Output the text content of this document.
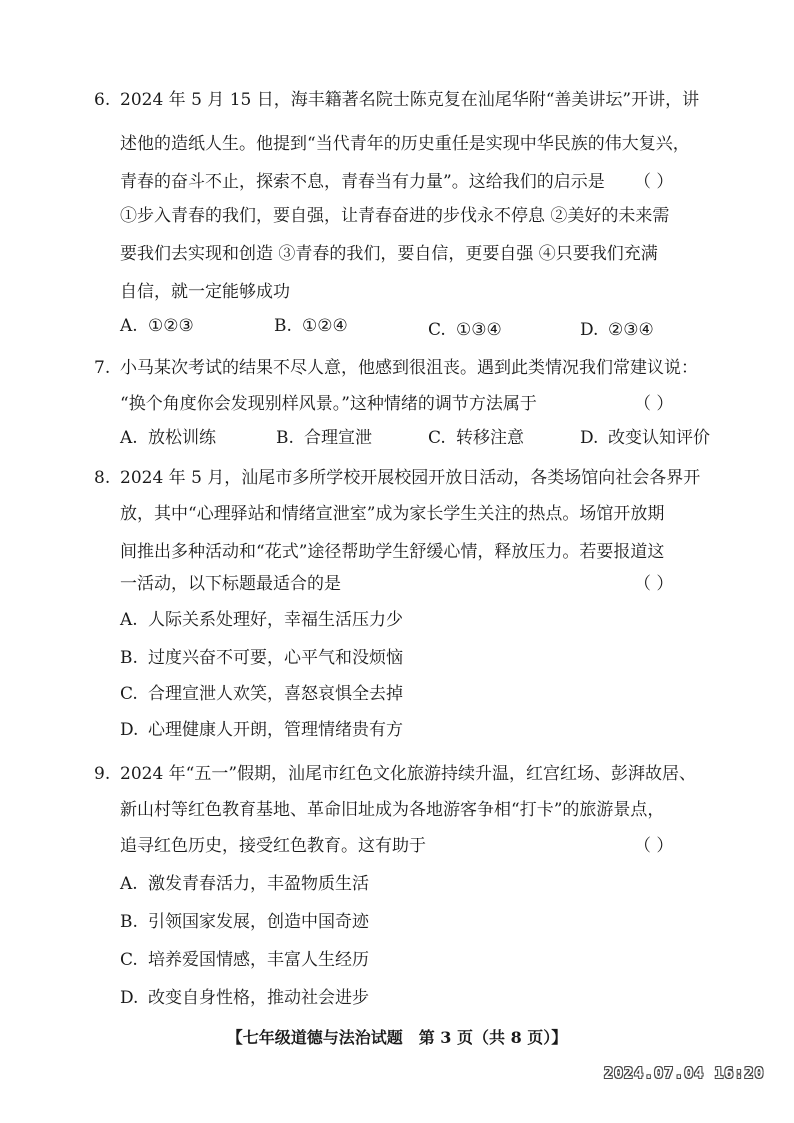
6. 2024 年 5 月 15 日，海丰籍著名院士陈克复在汕尾华附“善美讲坛”开讲，讲
述他的造纸人生。他提到“当代青年的历史重任是实现中华民族的伟大复兴，
青春的奋斗不止，探索不息，青春当有力量”。这给我们的启示是 （ ）
①步入青春的我们，要自强，让青春奋进的步伐永不停息 ②美好的未来需
要我们去实现和创造 ③青春的我们，要自信，更要自强 ④只要我们充满
自信，就一定能够成功
A. ①②③	B. ①②④	C. ①③④	D. ②③④
7. 小马某次考试的结果不尽人意，他感到很沮丧。遇到此类情况我们常建议说：
“换个角度你会发现别样风景。”这种情绪的调节方法属于	（ ）
A. 放松训练	B. 合理宣泄	C. 转移注意	D. 改变认知评价
8. 2024 年 5 月，汕尾市多所学校开展校园开放日活动，各类场馆向社会各界开
放，其中“心理驿站和情绪宣泄室”成为家长学生关注的热点。场馆开放期
间推出多种活动和“花式”途径帮助学生舒缓心情，释放压力。若要报道这
一活动，以下标题最适合的是	（ ）
A. 人际关系处理好，幸福生活压力少
B. 过度兴奋不可要，心平气和没烦恼
C. 合理宣泄人欢笑，喜怒哀惧全去掉
D. 心理健康人开朗，管理情绪贵有方
9. 2024 年“五一”假期，汕尾市红色文化旅游持续升温，红宫红场、彭湃故居、
新山村等红色教育基地、革命旧址成为各地游客争相“打卡”的旅游景点，
追寻红色历史，接受红色教育。这有助于	（ ）
A. 激发青春活力，丰盈物质生活
B. 引领国家发展，创造中国奇迹
C. 培养爱国情感，丰富人生经历
D. 改变自身性格，推动社会进步
【七年级道德与法治试题　第 3 页（共 8 页）】
2024.07.04 16:20
